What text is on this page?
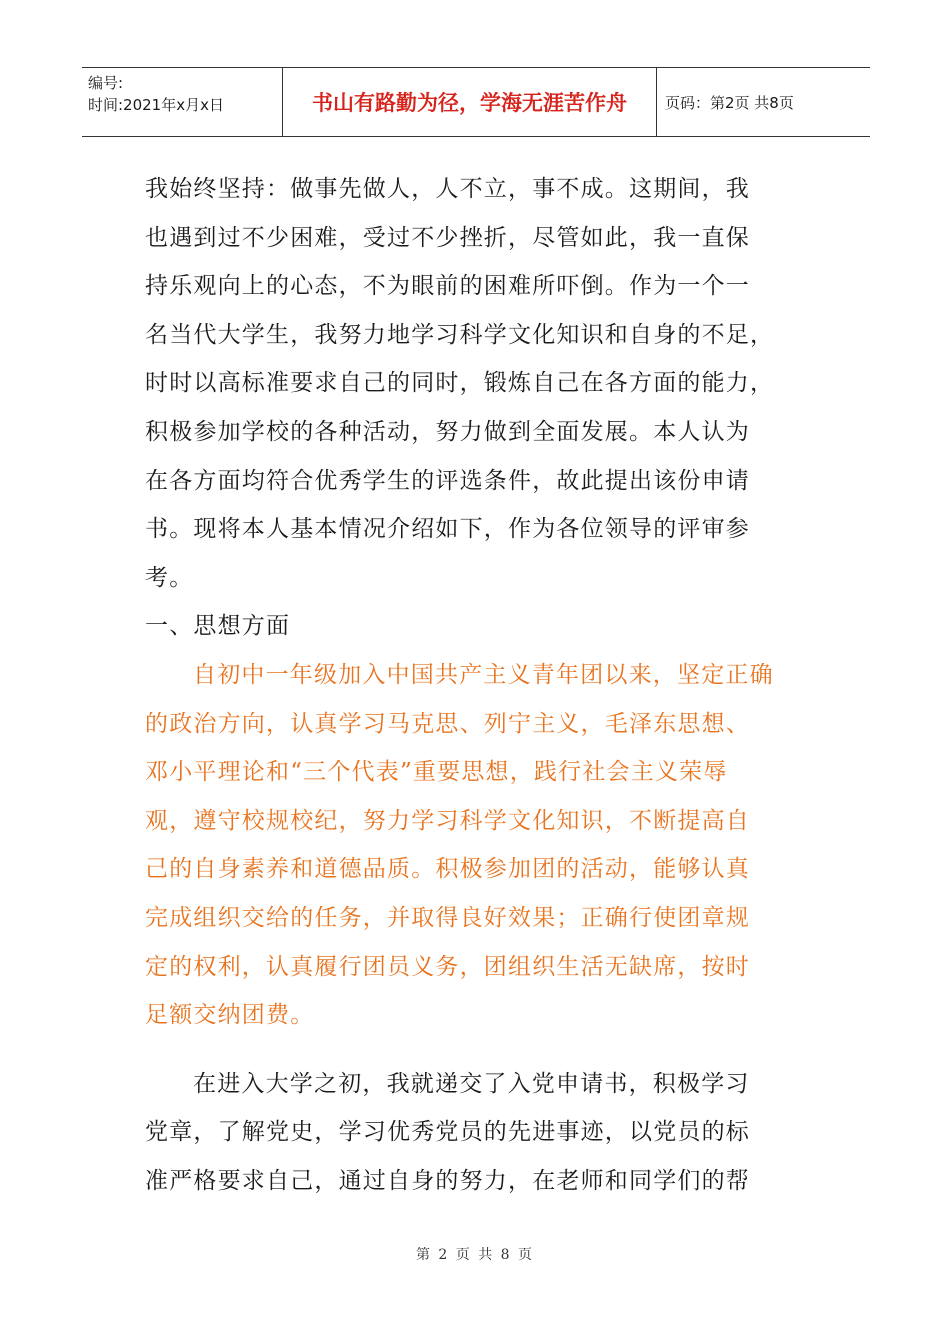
编号:
时间:2021年x月x日	书山有路勤为径，学海无涯苦作舟	页码：第2页 共8页
我始终坚持：做事先做人，人不立，事不成。这期间，我
也遇到过不少困难，受过不少挫折，尽管如此，我一直保
持乐观向上的心态，不为眼前的困难所吓倒。作为一个一
名当代大学生，我努力地学习科学文化知识和自身的不足，
时时以高标准要求自己的同时，锻炼自己在各方面的能力，
积极参加学校的各种活动，努力做到全面发展。本人认为
在各方面均符合优秀学生的评选条件，故此提出该份申请
书。现将本人基本情况介绍如下，作为各位领导的评审参
考。
一、思想方面
自初中一年级加入中国共产主义青年团以来，坚定正确
的政治方向，认真学习马克思、列宁主义，毛泽东思想、
邓小平理论和“三个代表”重要思想，践行社会主义荣辱
观，遵守校规校纪，努力学习科学文化知识，不断提高自
己的自身素养和道德品质。积极参加团的活动，能够认真
完成组织交给的任务，并取得良好效果；正确行使团章规
定的权利，认真履行团员义务，团组织生活无缺席，按时
足额交纳团费。
在进入大学之初，我就递交了入党申请书，积极学习
党章，了解党史，学习优秀党员的先进事迹，以党员的标
准严格要求自己，通过自身的努力，在老师和同学们的帮
第 2 页 共 8 页
